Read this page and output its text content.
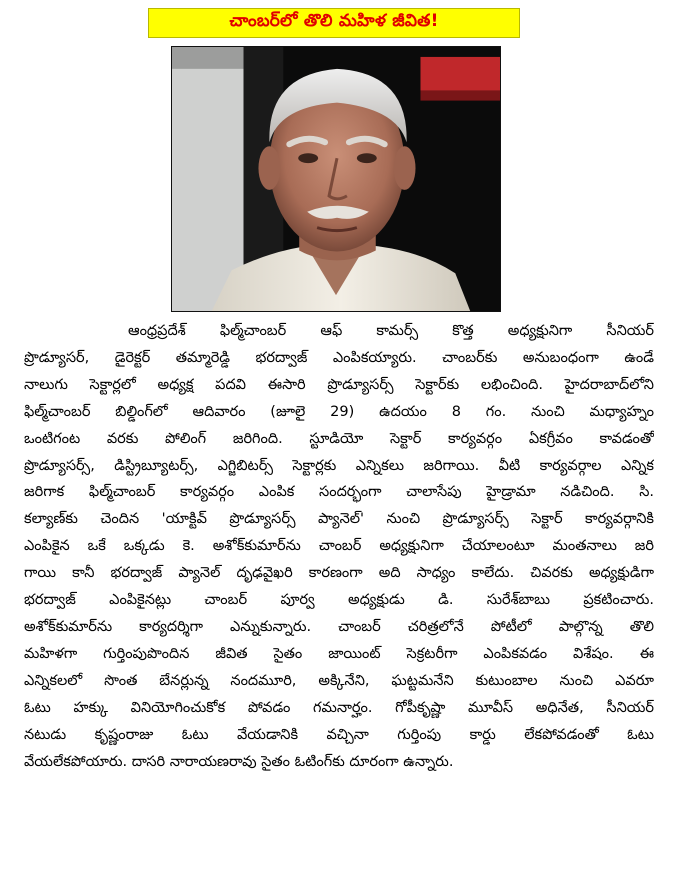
చాంబర్‌లో తొలి మహిళ జీవిత!
ఆంధ్రప్రదేశ్ ఫిల్మ్‌చాంబర్ ఆఫ్ కామర్స్ కొత్త అధ్యక్షునిగా సీనియర్
ప్రొడ్యూసర్, డైరెక్టర్ తమ్మారెడ్డి భరద్వాజ్ ఎంపికయ్యారు. చాంబర్‌కు అనుబంధంగా ఉండే
నాలుగు సెక్టార్లలో అధ్యక్ష పదవి ఈసారి ప్రొడ్యూసర్స్ సెక్టార్‌కు లభించింది. హైదరాబాద్‌లోని
ఫిల్మ్‌చాంబర్ బిల్డింగ్‌లో ఆదివారం (జూలై 29) ఉదయం 8 గం. నుంచి మధ్యాహ్నం
ఒంటిగంట వరకు పోలింగ్ జరిగింది. స్టూడియో సెక్టార్ కార్యవర్గం ఏకగ్రీవం కావడంతో
ప్రొడ్యూసర్స్, డిస్ట్రిబ్యూటర్స్, ఎగ్జిబిటర్స్ సెక్టార్లకు ఎన్నికలు జరిగాయి. వీటి కార్యవర్గాల ఎన్నిక
జరిగాక ఫిల్మ్‌చాంబర్ కార్యవర్గం ఎంపిక సందర్భంగా చాలాసేపు హైడ్రామా నడిచింది. సి.
కల్యాణ్‌కు చెందిన 'యాక్టివ్ ప్రొడ్యూసర్స్ ప్యానెల్' నుంచి ప్రొడ్యూసర్స్ సెక్టార్ కార్యవర్గానికి
ఎంపికైన ఒకే ఒక్కడు కె. అశోక్‌కుమార్‌ను చాంబర్ అధ్యక్షునిగా చేయాలంటూ మంతనాలు జరి
గాయి కానీ భరద్వాజ్ ప్యానెల్ దృఢవైఖరి కారణంగా అది సాధ్యం కాలేదు. చివరకు అధ్యక్షుడిగా
భరద్వాజ్ ఎంపికైనట్లు చాంబర్ పూర్వ అధ్యక్షుడు డి. సురేశ్‌బాబు ప్రకటించారు.
అశోక్‌కుమార్‌ను కార్యదర్శిగా ఎన్నుకున్నారు. చాంబర్ చరిత్రలోనే పోటీలో పాల్గొన్న తొలి
మహిళగా గుర్తింపుపొందిన జీవిత సైతం జాయింట్ సెక్రటరీగా ఎంపికవడం విశేషం. ఈ
ఎన్నికలలో సొంత బేనర్లున్న నందమూరి, అక్కినేని, ఘట్టమనేని కుటుంబాల నుంచి ఎవరూ
ఓటు హక్కు వినియోగించుకోక పోవడం గమనార్హం. గోపీకృష్ణా మూవీస్ అధినేత, సీనియర్
నటుడు కృష్ణంరాజు ఓటు వేయడానికి వచ్చినా గుర్తింపు కార్డు లేకపోవడంతో ఓటు
వేయలేకపోయారు. దాసరి నారాయణరావు సైతం ఓటింగ్‌కు దూరంగా ఉన్నారు.
